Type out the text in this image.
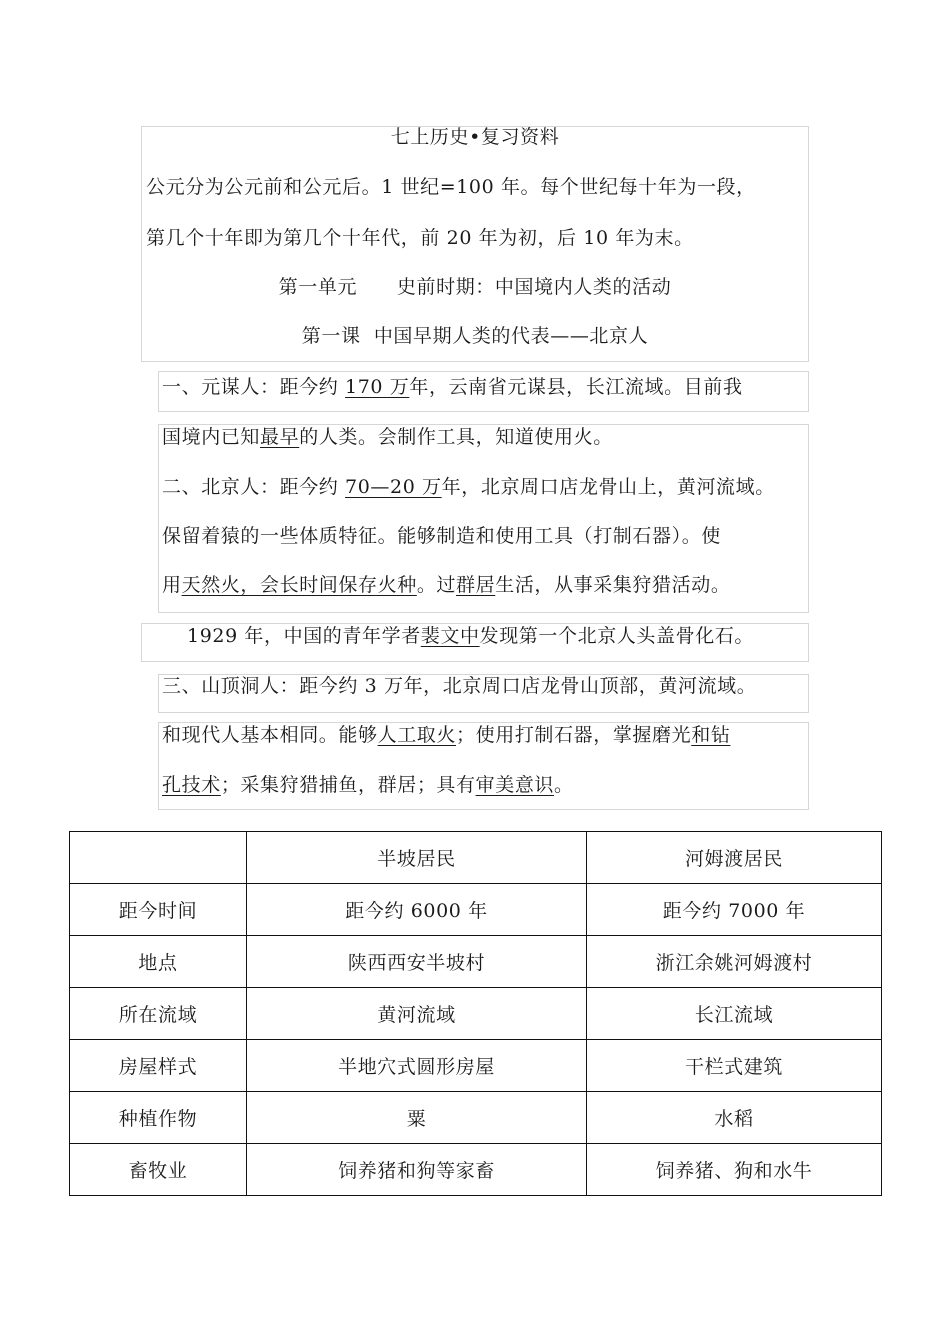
七上历史•复习资料
公元分为公元前和公元后。1 世纪=100 年。每个世纪每十年为一段，
第几个十年即为第几个十年代，前 20 年为初，后 10 年为末。
第一单元      史前时期：中国境内人类的活动
第一课  中国早期人类的代表——北京人
一、元谋人：距今约 170 万年，云南省元谋县，长江流域。目前我
国境内已知最早的人类。会制作工具，知道使用火。
二、北京人：距今约 70—20 万年，北京周口店龙骨山上，黄河流域。
保留着猿的一些体质特征。能够制造和使用工具（打制石器）。使
用天然火，会长时间保存火种。过群居生活，从事采集狩猎活动。
1929 年，中国的青年学者裴文中发现第一个北京人头盖骨化石。
三、山顶洞人：距今约 3 万年，北京周口店龙骨山顶部，黄河流域。
和现代人基本相同。能够人工取火；使用打制石器，掌握磨光和钻
孔技术；采集狩猎捕鱼，群居；具有审美意识。
	半坡居民	河姆渡居民
距今时间	距今约 6000 年	距今约 7000 年
地点	陕西西安半坡村	浙江余姚河姆渡村
所在流域	黄河流域	长江流域
房屋样式	半地穴式圆形房屋	干栏式建筑
种植作物	粟	水稻
畜牧业	饲养猪和狗等家畜	饲养猪、狗和水牛
